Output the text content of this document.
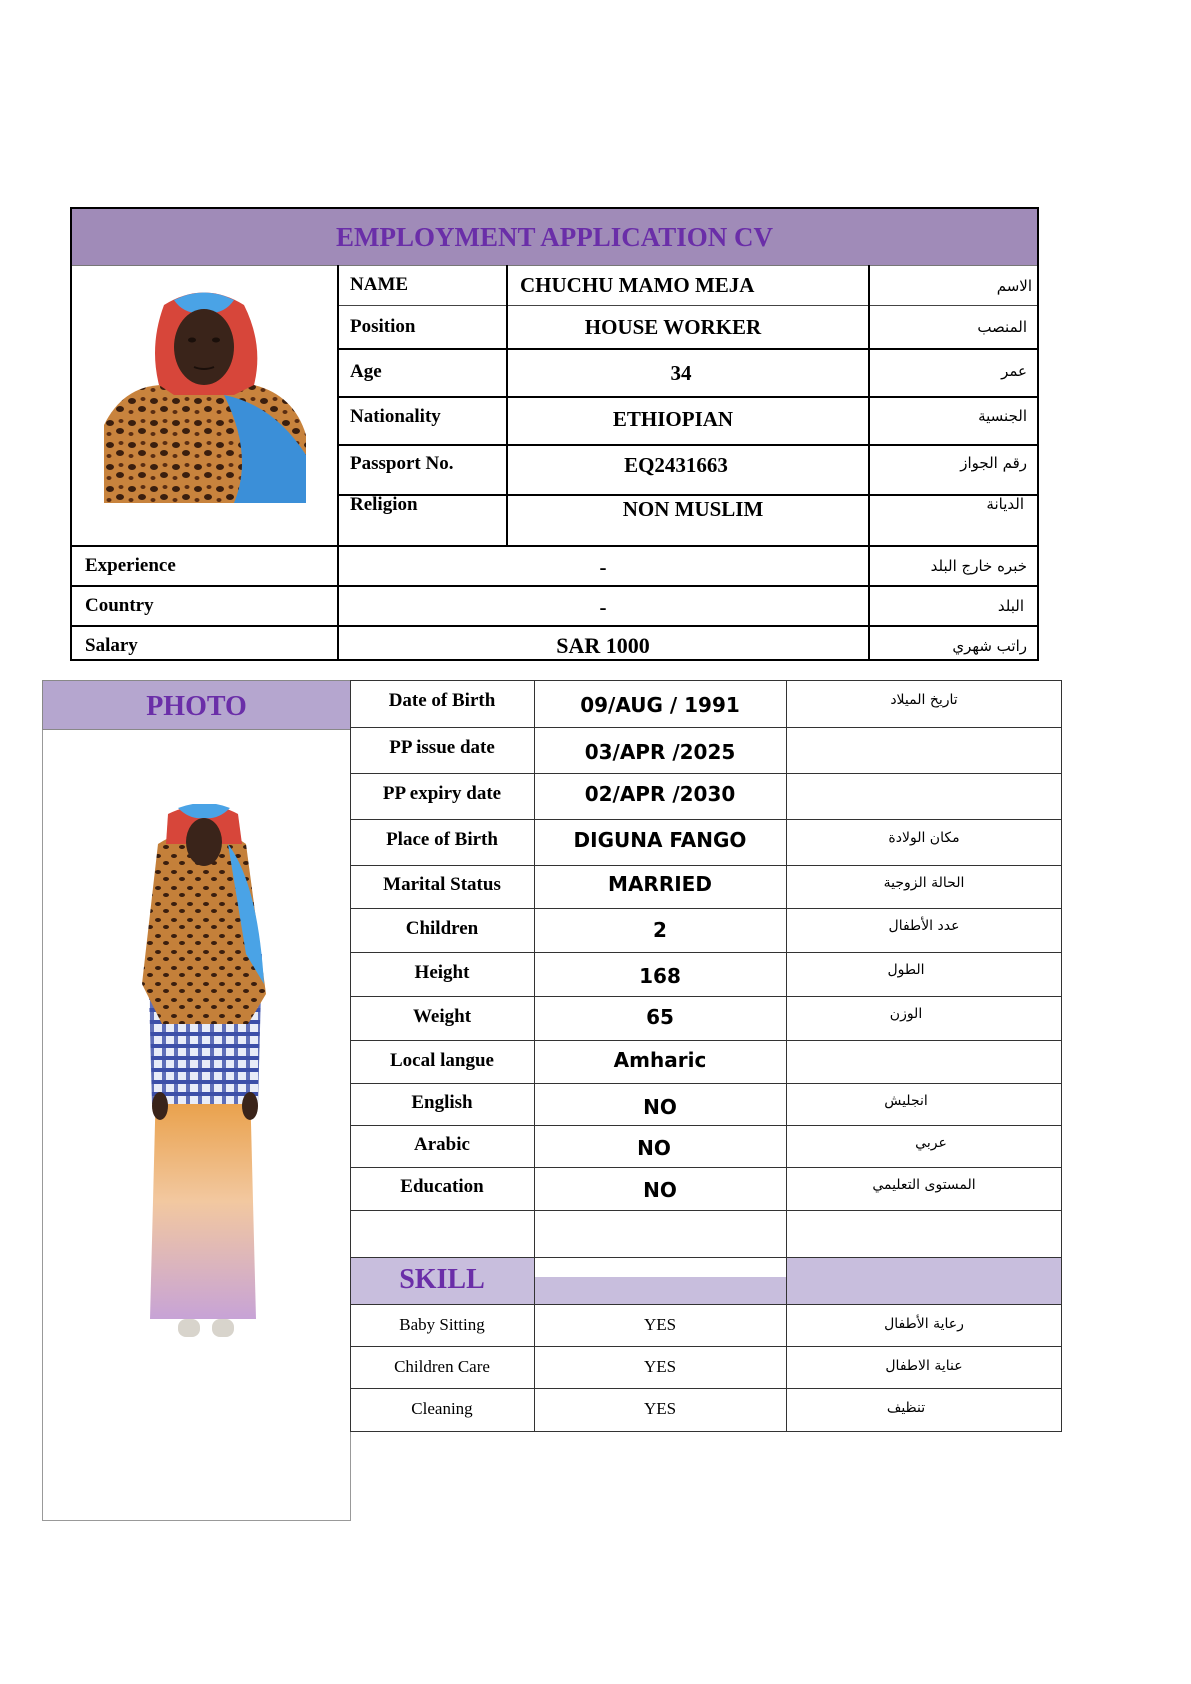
EMPLOYMENT APPLICATION CV
NAME
Position
Age
Nationality
Passport No.
Religion
CHUCHU MAMO MEJA
HOUSE WORKER
34
ETHIOPIAN
EQ2431663
NON MUSLIM
الاسم
المنصب
عمر
الجنسية
رقم الجواز
الديانة
Experience
Country
Salary
-
-
SAR 1000
خبره خارج البلد
البلد
راتب شهري
PHOTO	Date of Birth
PP issue date
PP expiry date
Place of Birth
Marital Status
Children
Height
Weight
Local langue
English
Arabic
Education
09/AUG / 1991
03/APR /2025
02/APR /2030
DIGUNA FANGO
MARRIED
2
168
65
Amharic
NO
NO
NO
تاريخ الميلاد
مكان الولادة
الحالة الزوجية
عدد الأطفال
الطول
الوزن
انجليش
عربي
المستوى التعليمي
SKILL
Baby Sitting
Children Care
Cleaning
YES
YES
YES
رعاية الأطفال
عناية الاطفال
تنظيف
